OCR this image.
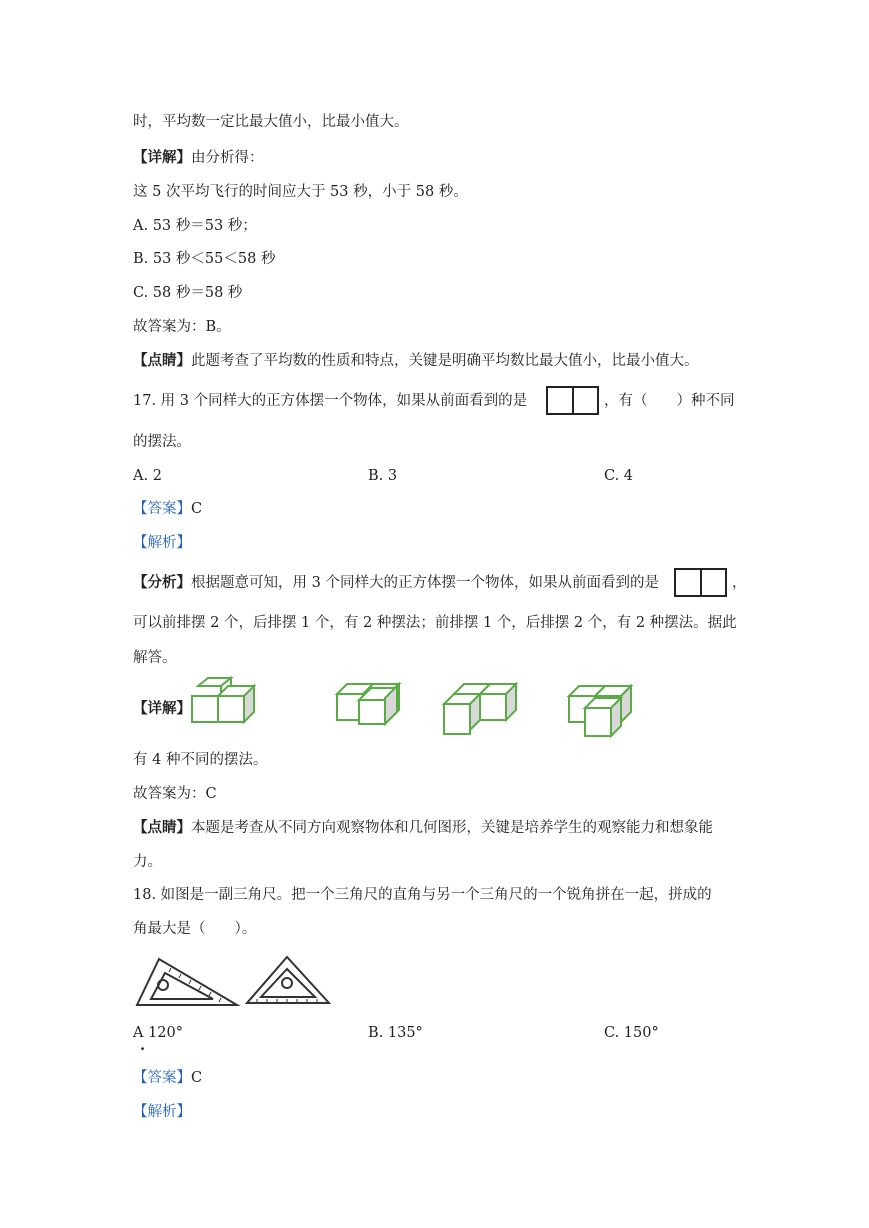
时，平均数一定比最大值小，比最小值大。
【详解】由分析得：
这 5 次平均飞行的时间应大于 53 秒，小于 58 秒。
A. 53 秒＝53 秒；
B. 53 秒＜55＜58 秒
C. 58 秒＝58 秒
故答案为：B。
【点睛】此题考查了平均数的性质和特点，关键是明确平均数比最大值小，比最小值大。
17. 用 3 个同样大的正方体摆一个物体，如果从前面看到的是	，有（　　）种不同
的摆法。
A. 2	B. 3	C. 4
【答案】C
【解析】
【分析】根据题意可知，用 3 个同样大的正方体摆一个物体，如果从前面看到的是	，
可以前排摆 2 个，后排摆 1 个，有 2 种摆法；前排摆 1 个，后排摆 2 个，有 2 种摆法。据此
解答。
【详解】
有 4 种不同的摆法。
故答案为：C
【点睛】本题是考查从不同方向观察物体和几何图形，关键是培养学生的观察能力和想象能
力。
18. 如图是一副三角尺。把一个三角尺的直角与另一个三角尺的一个锐角拼在一起，拼成的
角最大是（　　）。
A 120°	B. 135°	C. 150°
.
【答案】C
【解析】
